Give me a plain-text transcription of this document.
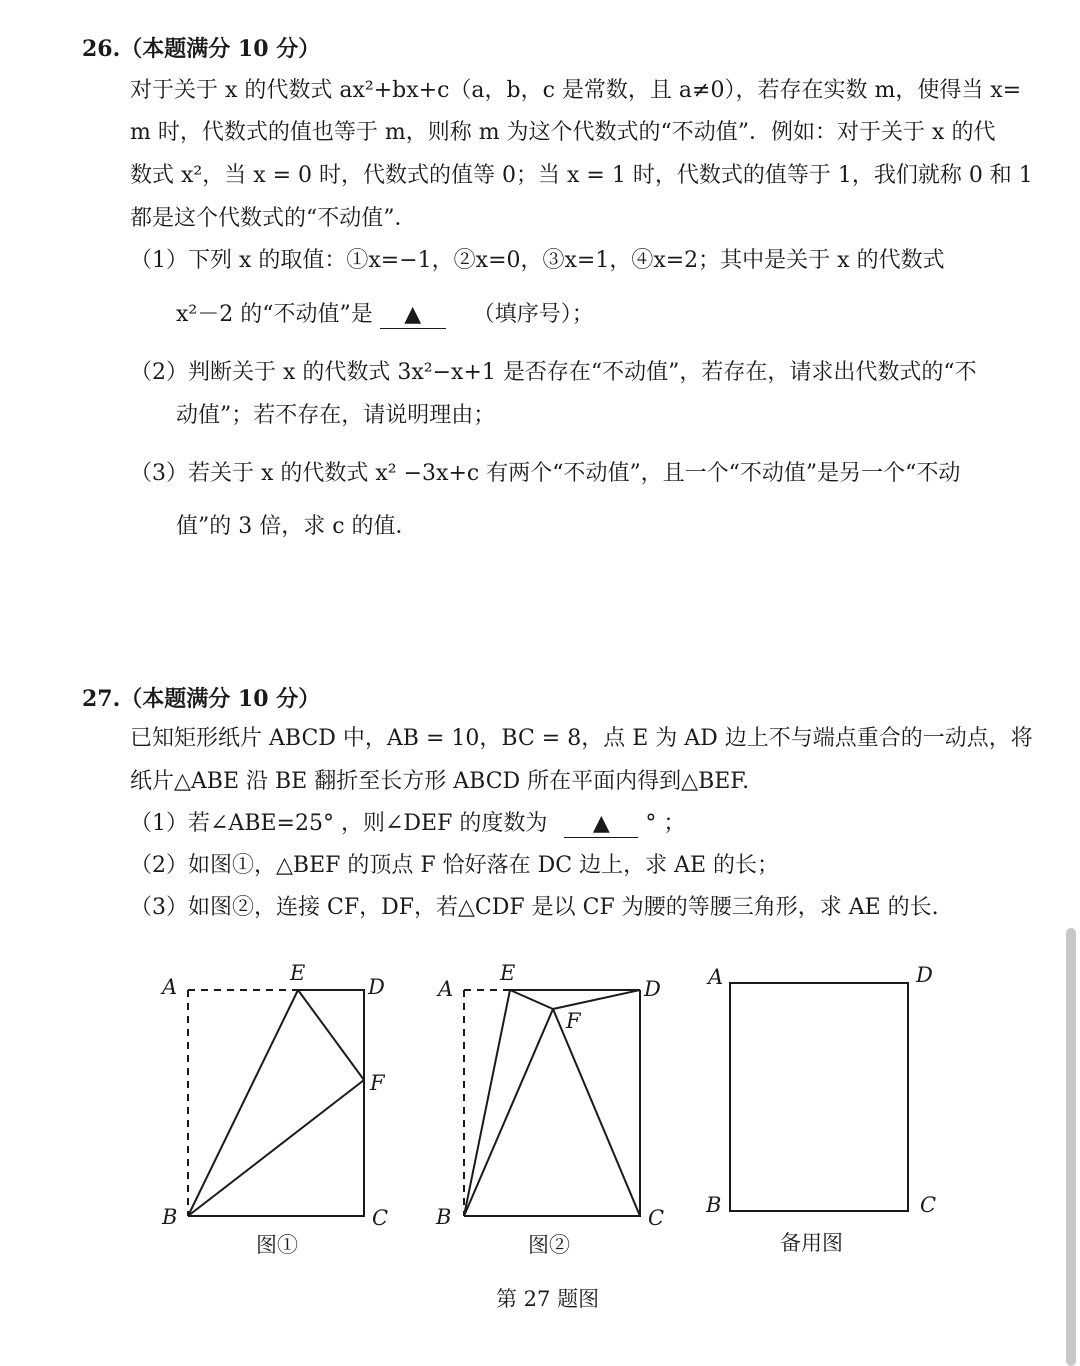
26.（本题满分 10 分）
对于关于 x 的代数式 ax²+bx+c（a，b，c 是常数，且 a≠0），若存在实数 m，使得当 x=
m 时，代数式的值也等于 m，则称 m 为这个代数式的“不动值”．例如：对于关于 x 的代
数式 x²，当 x = 0 时，代数式的值等 0；当 x = 1 时，代数式的值等于 1，我们就称 0 和 1
都是这个代数式的“不动值”．
（1）下列 x 的取值：①x=−1，②x=0，③x=1，④x=2；其中是关于 x 的代数式
x²－2 的“不动值”是 ▲ （填序号）；
（2）判断关于 x 的代数式 3x²−x+1 是否存在“不动值”，若存在，请求出代数式的“不
动值”；若不存在，请说明理由；
（3）若关于 x 的代数式 x² −3x+c 有两个“不动值”，且一个“不动值”是另一个“不动
值”的 3 倍，求 c 的值．
27.（本题满分 10 分）
已知矩形纸片 ABCD 中，AB = 10，BC = 8，点 E 为 AD 边上不与端点重合的一动点，将
纸片△ABE 沿 BE 翻折至长方形 ABCD 所在平面内得到△BEF.
（1）若∠ABE=25° ，则∠DEF 的度数为 ▲ ° ；
（2）如图①，△BEF 的顶点 F 恰好落在 DC 边上，求 AE 的长；
（3）如图②，连接 CF，DF，若△CDF 是以 CF 为腰的等腰三角形，求 AE 的长.
A
E
D
F
B	C
A
E
D
F
B	C
A	D
B	C
图①	图②	备用图
第 27 题图
